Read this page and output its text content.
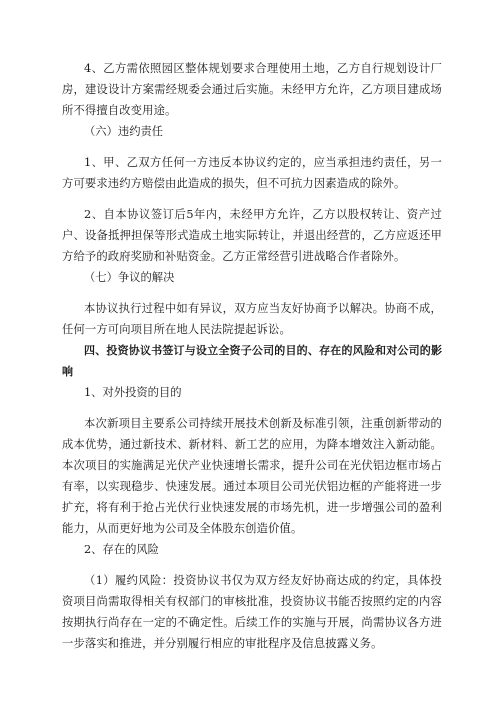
4、乙方需依照园区整体规划要求合理使用土地，乙方自行规划设计厂房，建设设计方案需经规委会通过后实施。未经甲方允许，乙方项目建成场所不得擅自改变用途。

（六）违约责任

1、甲、乙双方任何一方违反本协议约定的，应当承担违约责任，另一方可要求违约方赔偿由此造成的损失，但不可抗力因素造成的除外。

2、自本协议签订后5年内，未经甲方允许，乙方以股权转让、资产过户、设备抵押担保等形式造成土地实际转让，并退出经营的，乙方应返还甲方给予的政府奖励和补贴资金。乙方正常经营引进战略合作者除外。

（七）争议的解决

本协议执行过程中如有异议，双方应当友好协商予以解决。协商不成，任何一方可向项目所在地人民法院提起诉讼。

四、投资协议书签订与设立全资子公司的目的、存在的风险和对公司的影响

1、对外投资的目的

本次新项目主要系公司持续开展技术创新及标准引领，注重创新带动的成本优势，通过新技术、新材料、新工艺的应用，为降本增效注入新动能。本次项目的实施满足光伏产业快速增长需求，提升公司在光伏铝边框市场占有率，以实现稳步、快速发展。通过本项目公司光伏铝边框的产能将进一步扩充，将有利于抢占光伏行业快速发展的市场先机，进一步增强公司的盈利能力，从而更好地为公司及全体股东创造价值。

2、存在的风险

（1）履约风险：投资协议书仅为双方经友好协商达成的约定，具体投资项目尚需取得相关有权部门的审核批准，投资协议书能否按照约定的内容按期执行尚存在一定的不确定性。后续工作的实施与开展，尚需协议各方进一步落实和推进，并分别履行相应的审批程序及信息披露义务。
